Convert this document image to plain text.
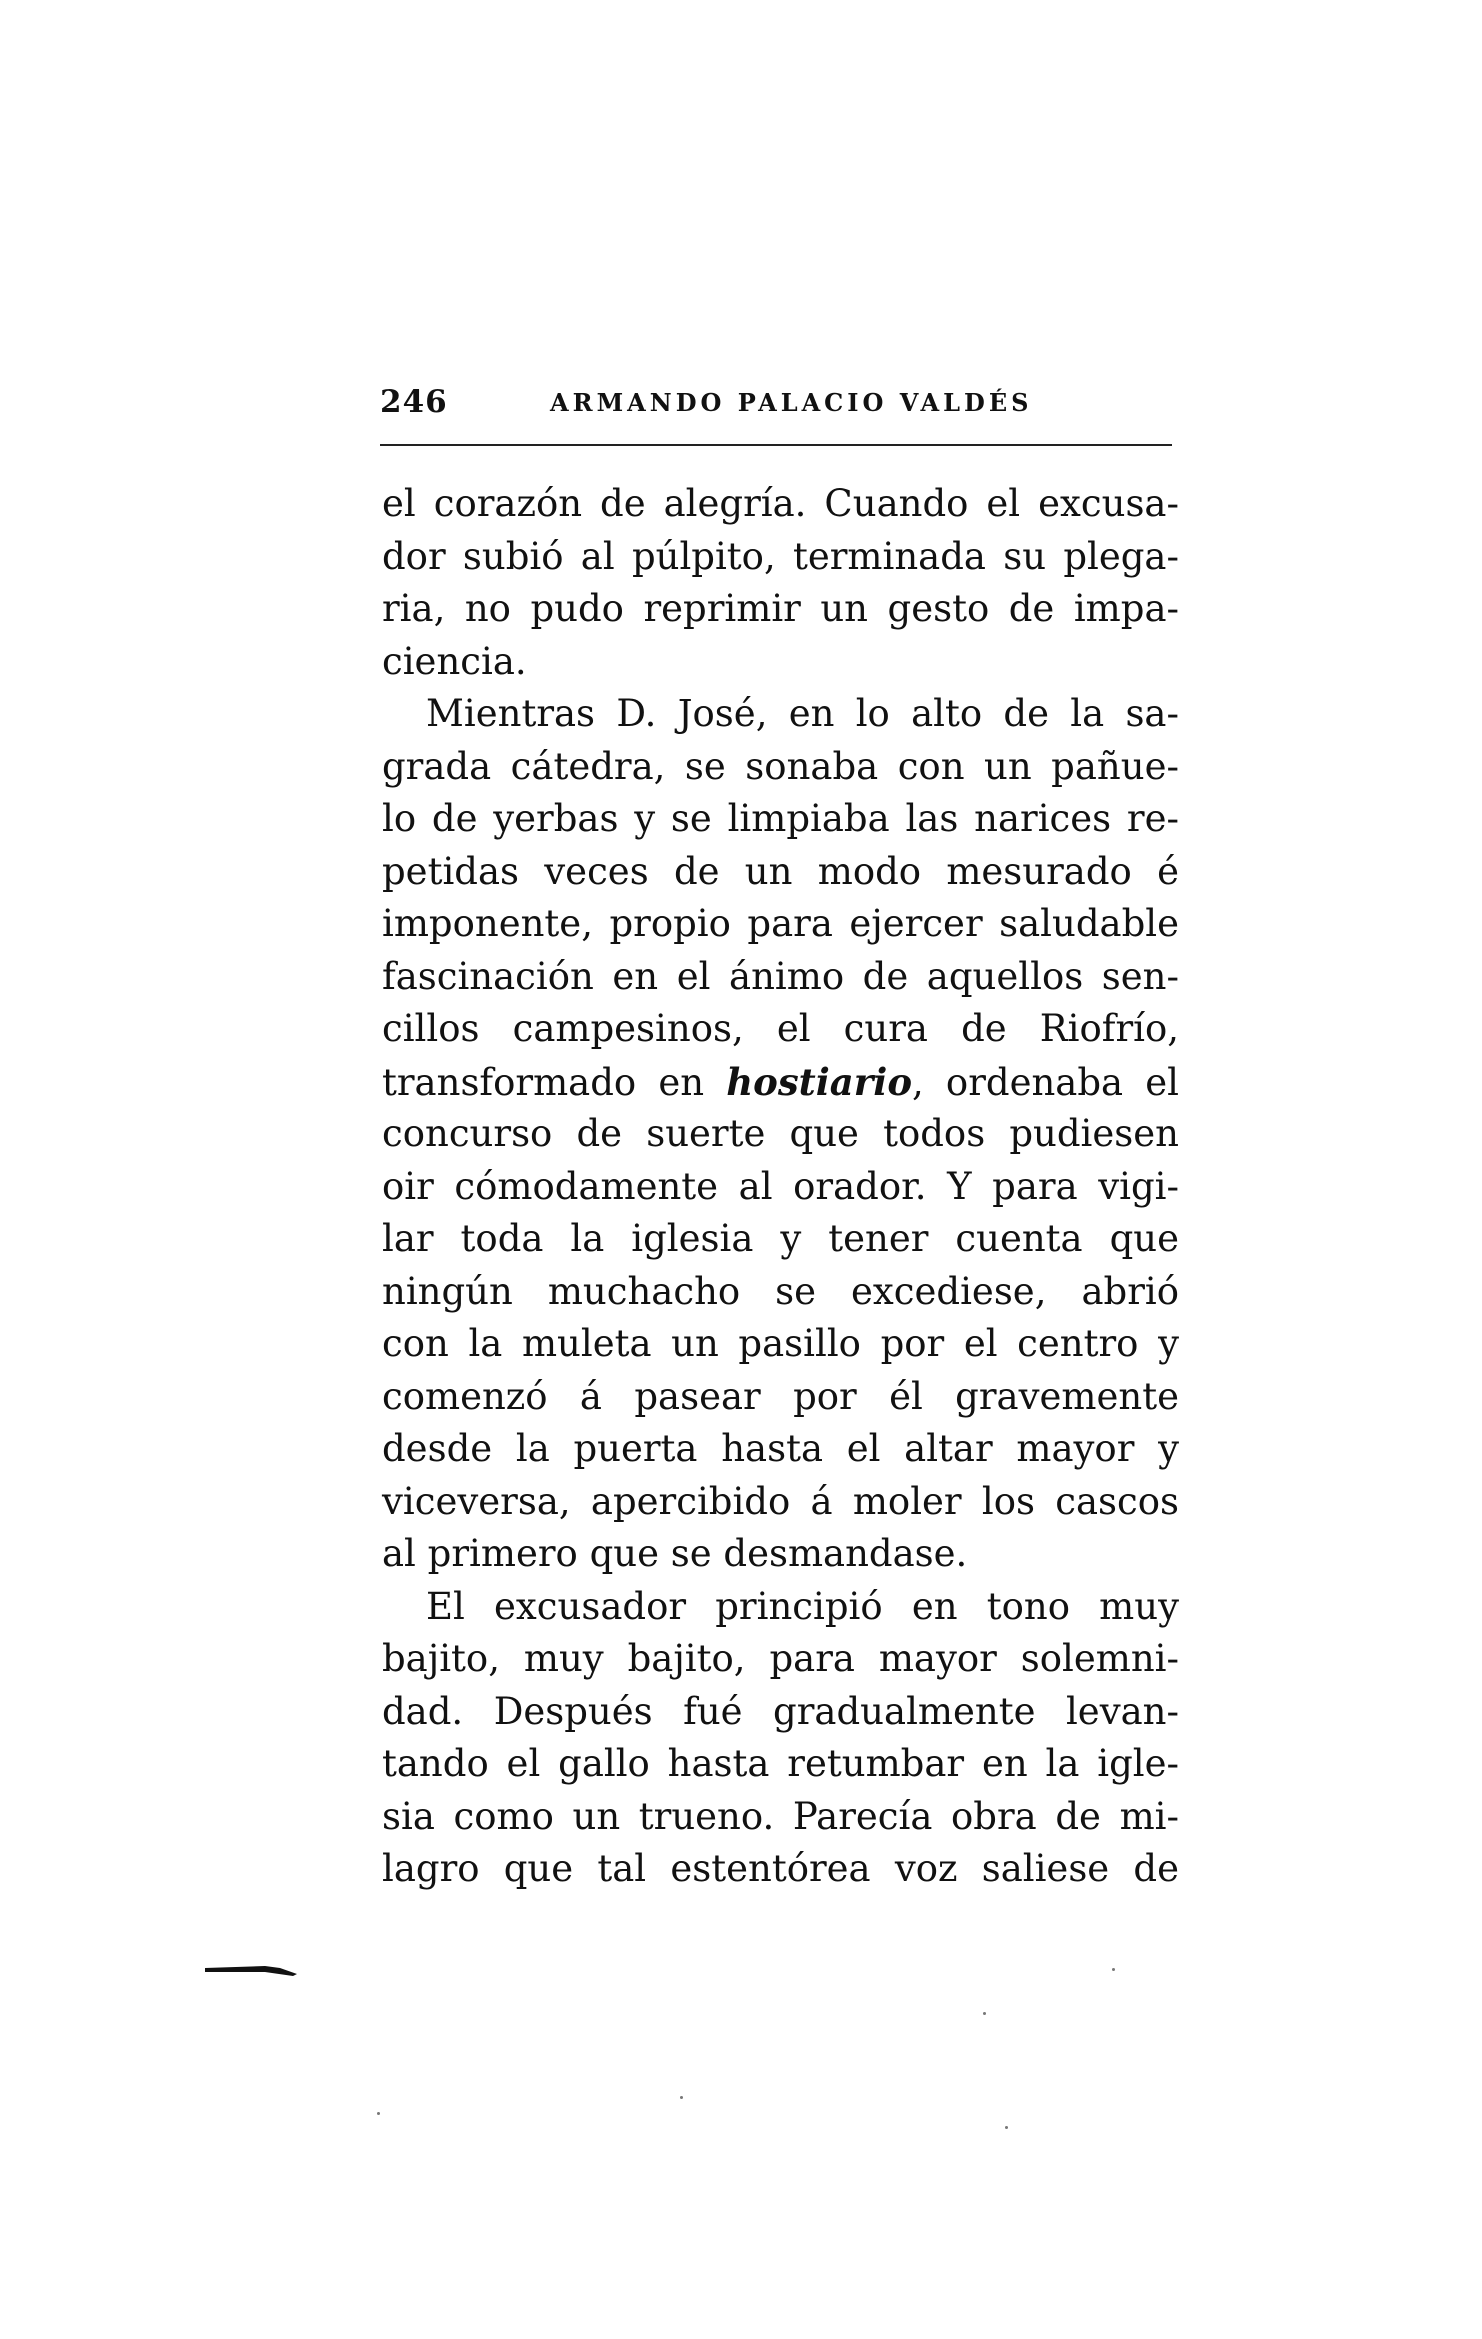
246	ARMANDO PALACIO VALDÉS
el corazón de alegría. Cuando el excusa-
dor subió al púlpito, terminada su plega-
ria, no pudo reprimir un gesto de impa-
ciencia.
Mientras D. José, en lo alto de la sa-
grada cátedra, se sonaba con un pañue-
lo de yerbas y se limpiaba las narices re-
petidas veces de un modo mesurado é
imponente, propio para ejercer saludable
fascinación en el ánimo de aquellos sen-
cillos campesinos, el cura de Riofrío,
transformado en hostiario, ordenaba el
concurso de suerte que todos pudiesen
oir cómodamente al orador. Y para vigi-
lar toda la iglesia y tener cuenta que
ningún muchacho se excediese, abrió
con la muleta un pasillo por el centro y
comenzó á pasear por él gravemente
desde la puerta hasta el altar mayor y
viceversa, apercibido á moler los cascos
al primero que se desmandase.
El excusador principió en tono muy
bajito, muy bajito, para mayor solemni-
dad. Después fué gradualmente levan-
tando el gallo hasta retumbar en la igle-
sia como un trueno. Parecía obra de mi-
lagro que tal estentórea voz saliese de
